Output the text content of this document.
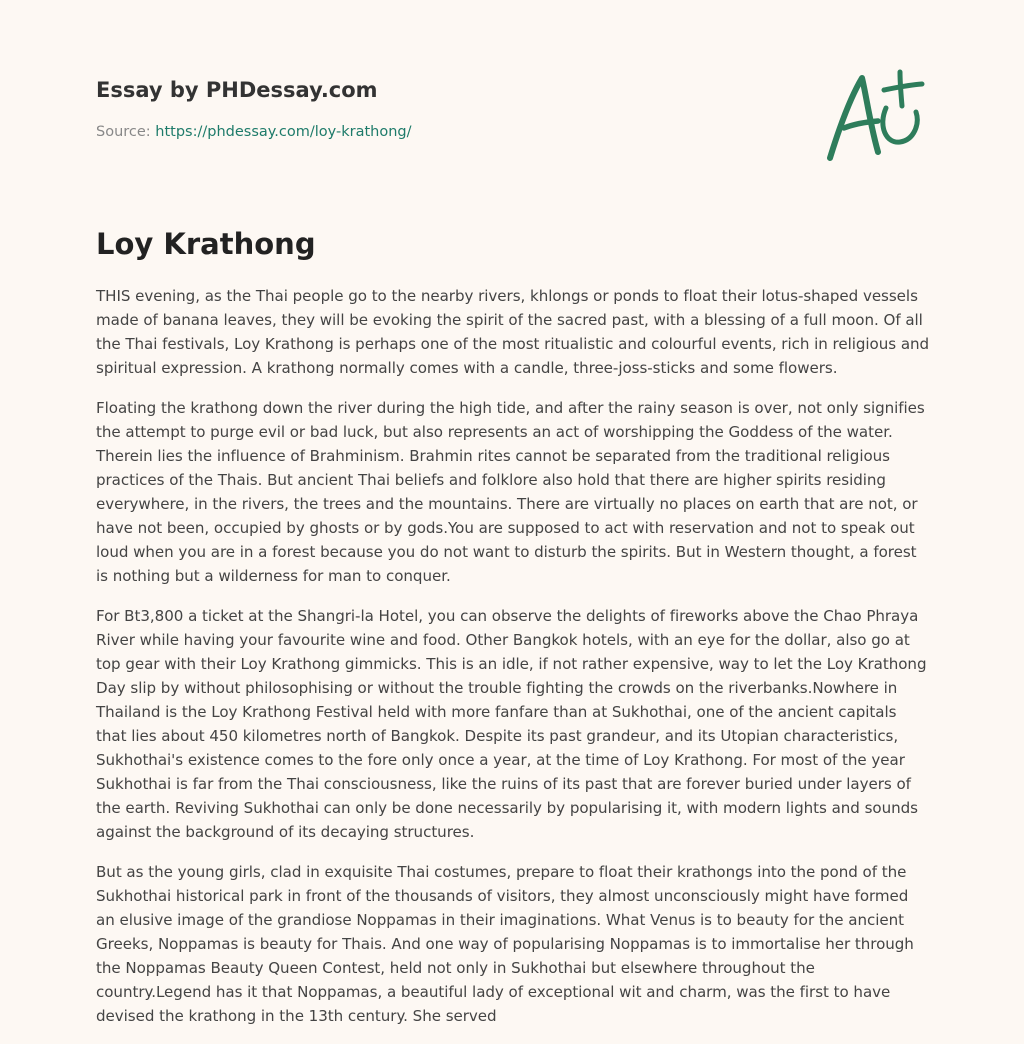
Essay by PHDessay.com
Source: https://phdessay.com/loy-krathong/
Loy Krathong

THIS evening, as the Thai people go to the nearby rivers, khlongs or ponds to float their lotus-shaped vessels made of banana leaves, they will be evoking the spirit of the sacred past, with a blessing of a full moon. Of all the Thai festivals, Loy Krathong is perhaps one of the most ritualistic and colourful events, rich in religious and spiritual expression. A krathong normally comes with a candle, three-joss-sticks and some flowers.

Floating the krathong down the river during the high tide, and after the rainy season is over, not only signifies the attempt to purge evil or bad luck, but also represents an act of worshipping the Goddess of the water. Therein lies the influence of Brahminism. Brahmin rites cannot be separated from the traditional religious practices of the Thais. But ancient Thai beliefs and folklore also hold that there are higher spirits residing everywhere, in the rivers, the trees and the mountains. There are virtually no places on earth that are not, or have not been, occupied by ghosts or by gods.You are supposed to act with reservation and not to speak out loud when you are in a forest because you do not want to disturb the spirits. But in Western thought, a forest is nothing but a wilderness for man to conquer.

For Bt3,800 a ticket at the Shangri-la Hotel, you can observe the delights of fireworks above the Chao Phraya River while having your favourite wine and food. Other Bangkok hotels, with an eye for the dollar, also go at top gear with their Loy Krathong gimmicks. This is an idle, if not rather expensive, way to let the Loy Krathong Day slip by without philosophising or without the trouble fighting the crowds on the riverbanks.Nowhere in Thailand is the Loy Krathong Festival held with more fanfare than at Sukhothai, one of the ancient capitals that lies about 450 kilometres north of Bangkok. Despite its past grandeur, and its Utopian characteristics, Sukhothai's existence comes to the fore only once a year, at the time of Loy Krathong. For most of the year Sukhothai is far from the Thai consciousness, like the ruins of its past that are forever buried under layers of the earth. Reviving Sukhothai can only be done necessarily by popularising it, with modern lights and sounds against the background of its decaying structures.

But as the young girls, clad in exquisite Thai costumes, prepare to float their krathongs into the pond of the Sukhothai historical park in front of the thousands of visitors, they almost unconsciously might have formed an elusive image of the grandiose Noppamas in their imaginations. What Venus is to beauty for the ancient Greeks, Noppamas is beauty for Thais. And one way of popularising Noppamas is to immortalise her through the Noppamas Beauty Queen Contest, held not only in Sukhothai but elsewhere throughout the country.Legend has it that Noppamas, a beautiful lady of exceptional wit and charm, was the first to have devised the krathong in the 13th century. She served
